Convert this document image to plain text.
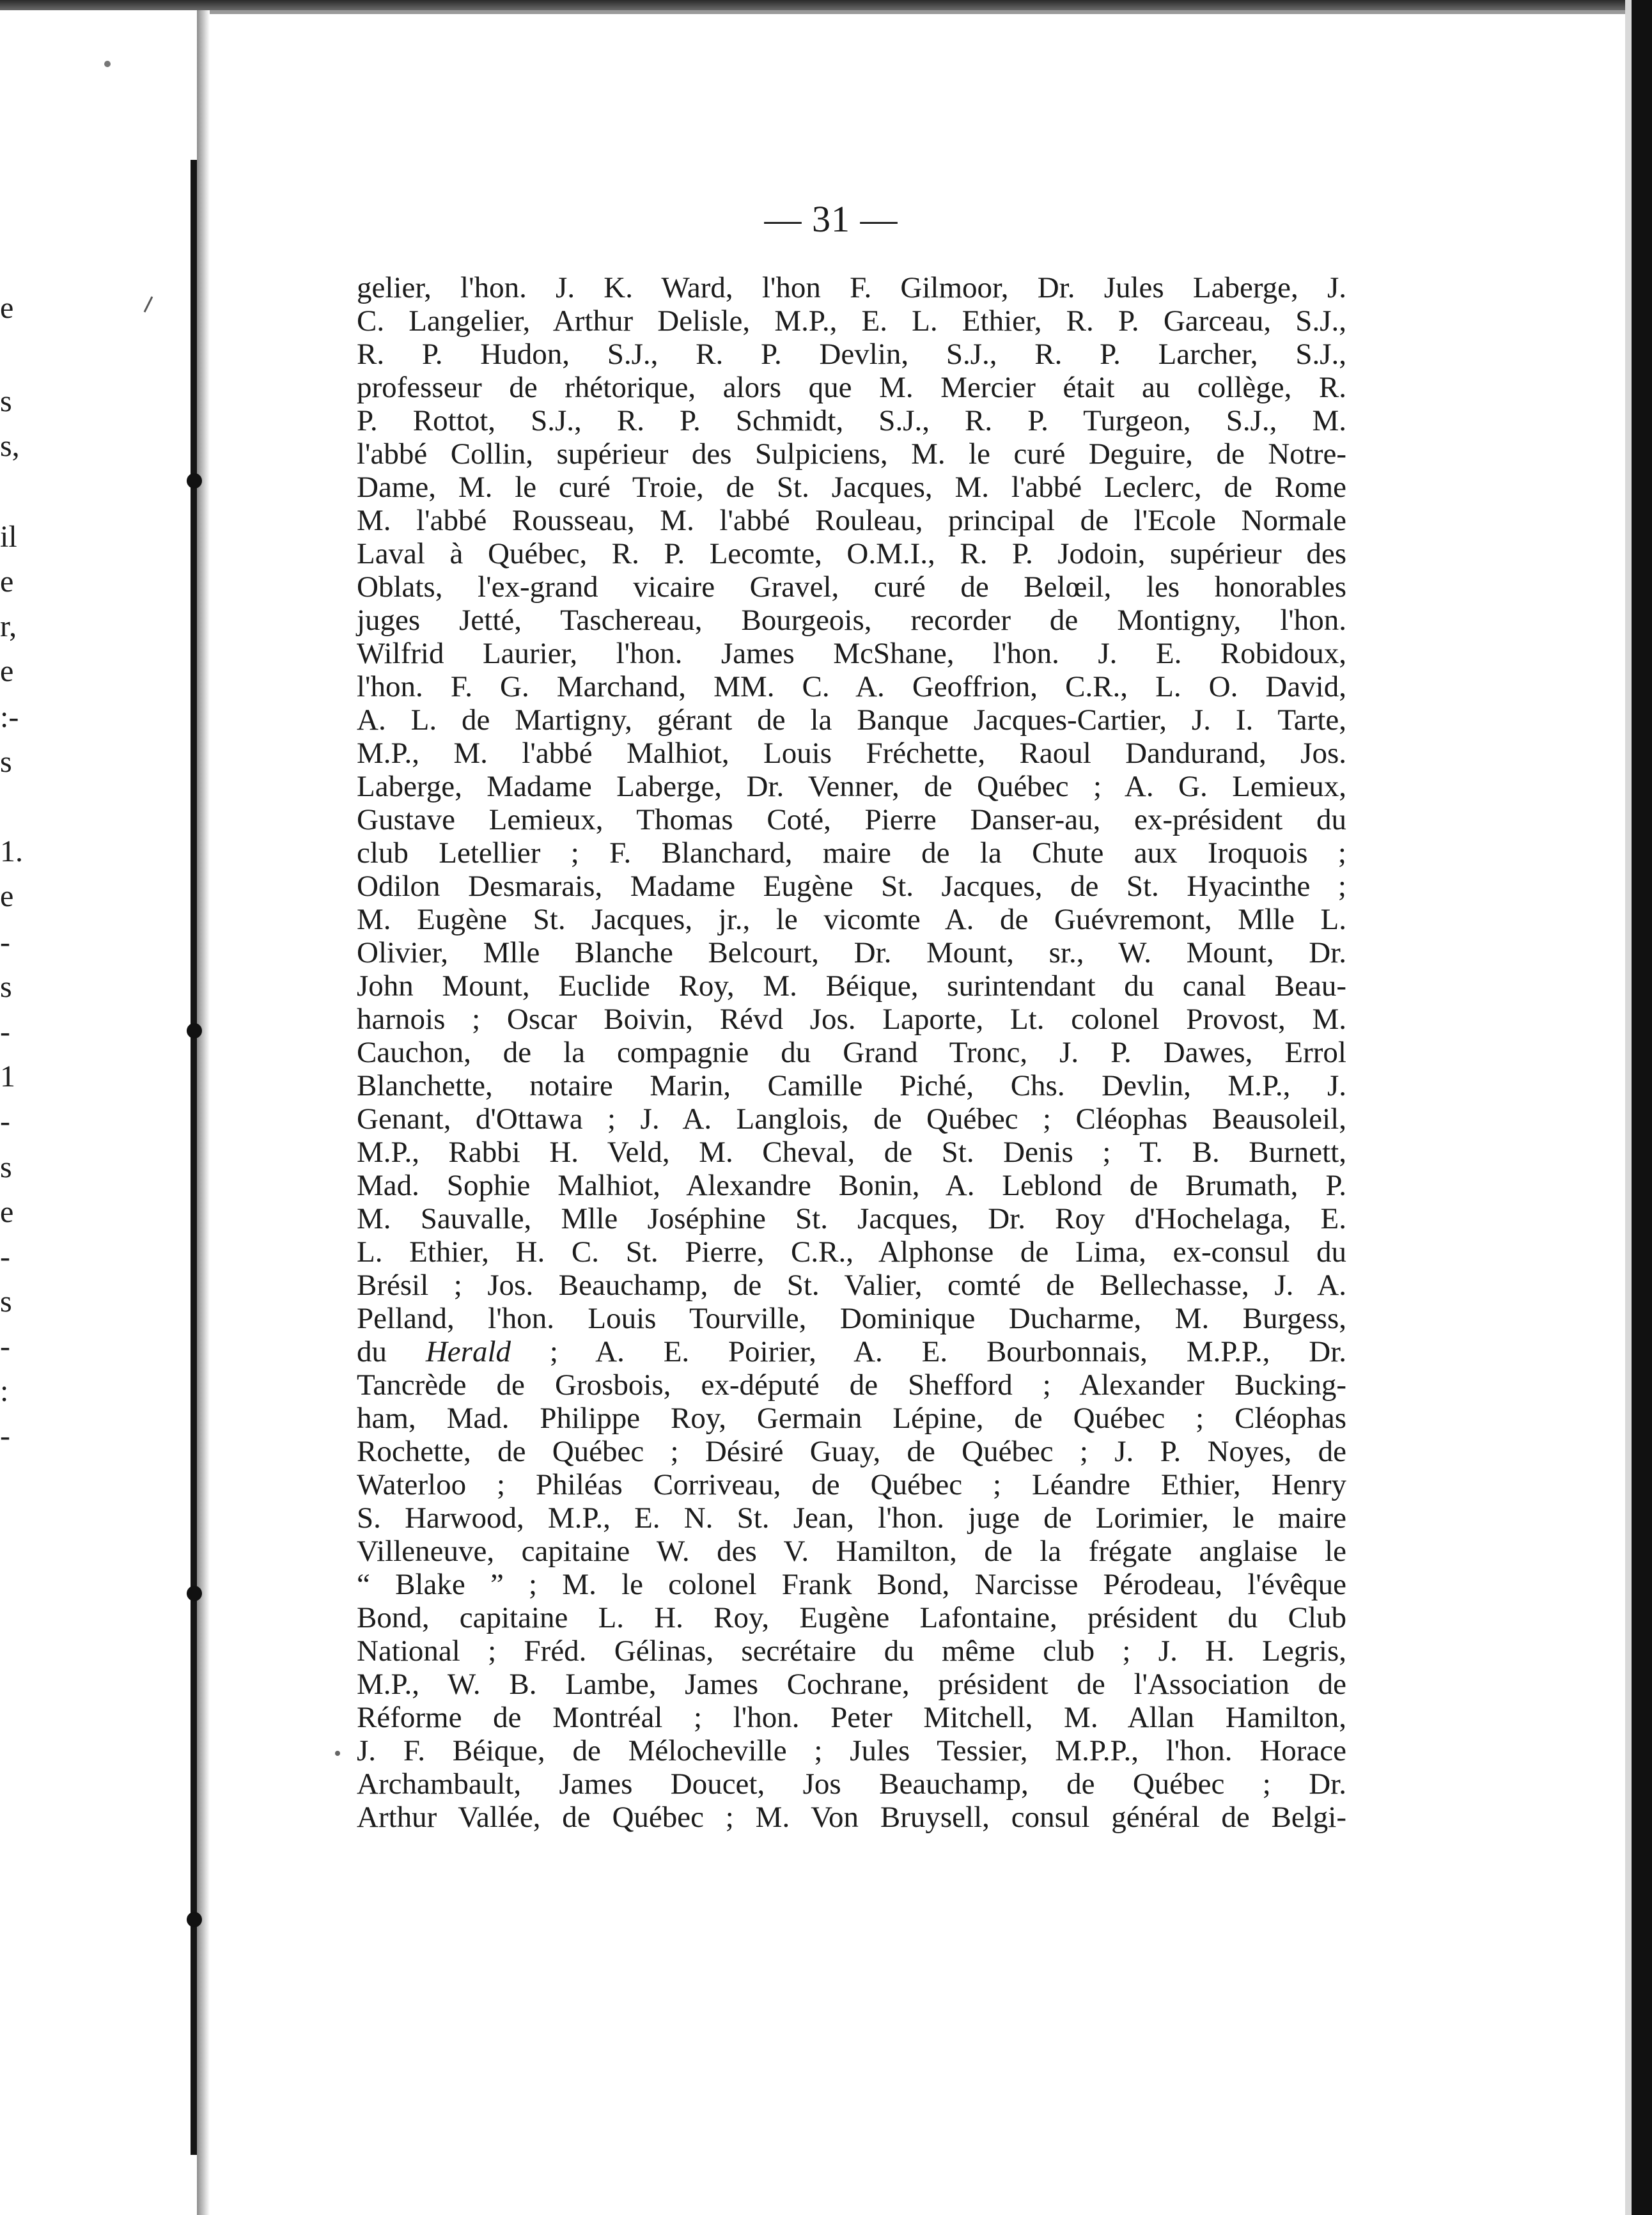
e
s
s,
il
e
r,
e
:-
s
1.
e
-
s
-
1
-
s
e
-
s
-
:
-
— 31 —
gelier, l'hon. J. K. Ward, l'hon F. Gilmoor, Dr. Jules Laberge, J.
C. Langelier, Arthur Delisle, M.P., E. L. Ethier, R. P. Garceau, S.J.,
R. P. Hudon, S.J., R. P. Devlin, S.J., R. P. Larcher, S.J.,
professeur de rhétorique, alors que M. Mercier était au collège, R.
P. Rottot, S.J., R. P. Schmidt, S.J., R. P. Turgeon, S.J., M.
l'abbé Collin, supérieur des Sulpiciens, M. le curé Deguire, de Notre-
Dame, M. le curé Troie, de St. Jacques, M. l'abbé Leclerc, de Rome
M. l'abbé Rousseau, M. l'abbé Rouleau, principal de l'Ecole Normale
Laval à Québec, R. P. Lecomte, O.M.I., R. P. Jodoin, supérieur des
Oblats, l'ex-grand vicaire Gravel, curé de Belœil, les honorables
juges Jetté, Taschereau, Bourgeois, recorder de Montigny, l'hon.
Wilfrid Laurier, l'hon. James McShane, l'hon. J. E. Robidoux,
l'hon. F. G. Marchand, MM. C. A. Geoffrion, C.R., L. O. David,
A. L. de Martigny, gérant de la Banque Jacques-Cartier, J. I. Tarte,
M.P., M. l'abbé Malhiot, Louis Fréchette, Raoul Dandurand, Jos.
Laberge, Madame Laberge, Dr. Venner, de Québec ; A. G. Lemieux,
Gustave Lemieux, Thomas Coté, Pierre Danser-au, ex-président du
club Letellier ; F. Blanchard, maire de la Chute aux Iroquois ;
Odilon Desmarais, Madame Eugène St. Jacques, de St. Hyacinthe ;
M. Eugène St. Jacques, jr., le vicomte A. de Guévremont, Mlle L.
Olivier, Mlle Blanche Belcourt, Dr. Mount, sr., W. Mount, Dr.
John Mount, Euclide Roy, M. Béique, surintendant du canal Beau-
harnois ; Oscar Boivin, Révd Jos. Laporte, Lt. colonel Provost, M.
Cauchon, de la compagnie du Grand Tronc, J. P. Dawes, Errol
Blanchette, notaire Marin, Camille Piché, Chs. Devlin, M.P., J.
Genant, d'Ottawa ; J. A. Langlois, de Québec ; Cléophas Beausoleil,
M.P., Rabbi H. Veld, M. Cheval, de St. Denis ; T. B. Burnett,
Mad. Sophie Malhiot, Alexandre Bonin, A. Leblond de Brumath, P.
M. Sauvalle, Mlle Joséphine St. Jacques, Dr. Roy d'Hochelaga, E.
L. Ethier, H. C. St. Pierre, C.R., Alphonse de Lima, ex-consul du
Brésil ; Jos. Beauchamp, de St. Valier, comté de Bellechasse, J. A.
Pelland, l'hon. Louis Tourville, Dominique Ducharme, M. Burgess,
du Herald ; A. E. Poirier, A. E. Bourbonnais, M.P.P., Dr.
Tancrède de Grosbois, ex-député de Shefford ; Alexander Bucking-
ham, Mad. Philippe Roy, Germain Lépine, de Québec ; Cléophas
Rochette, de Québec ; Désiré Guay, de Québec ; J. P. Noyes, de
Waterloo ; Philéas Corriveau, de Québec ; Léandre Ethier, Henry
S. Harwood, M.P., E. N. St. Jean, l'hon. juge de Lorimier, le maire
Villeneuve, capitaine W. des V. Hamilton, de la frégate anglaise le
“ Blake ” ; M. le colonel Frank Bond, Narcisse Pérodeau, l'évêque
Bond, capitaine L. H. Roy, Eugène Lafontaine, président du Club
National ; Fréd. Gélinas, secrétaire du même club ; J. H. Legris,
M.P., W. B. Lambe, James Cochrane, président de l'Association de
Réforme de Montréal ; l'hon. Peter Mitchell, M. Allan Hamilton,
J. F. Béique, de Mélocheville ; Jules Tessier, M.P.P., l'hon. Horace
Archambault, James Doucet, Jos Beauchamp, de Québec ; Dr.
Arthur Vallée, de Québec ; M. Von Bruysell, consul général de Belgi-
